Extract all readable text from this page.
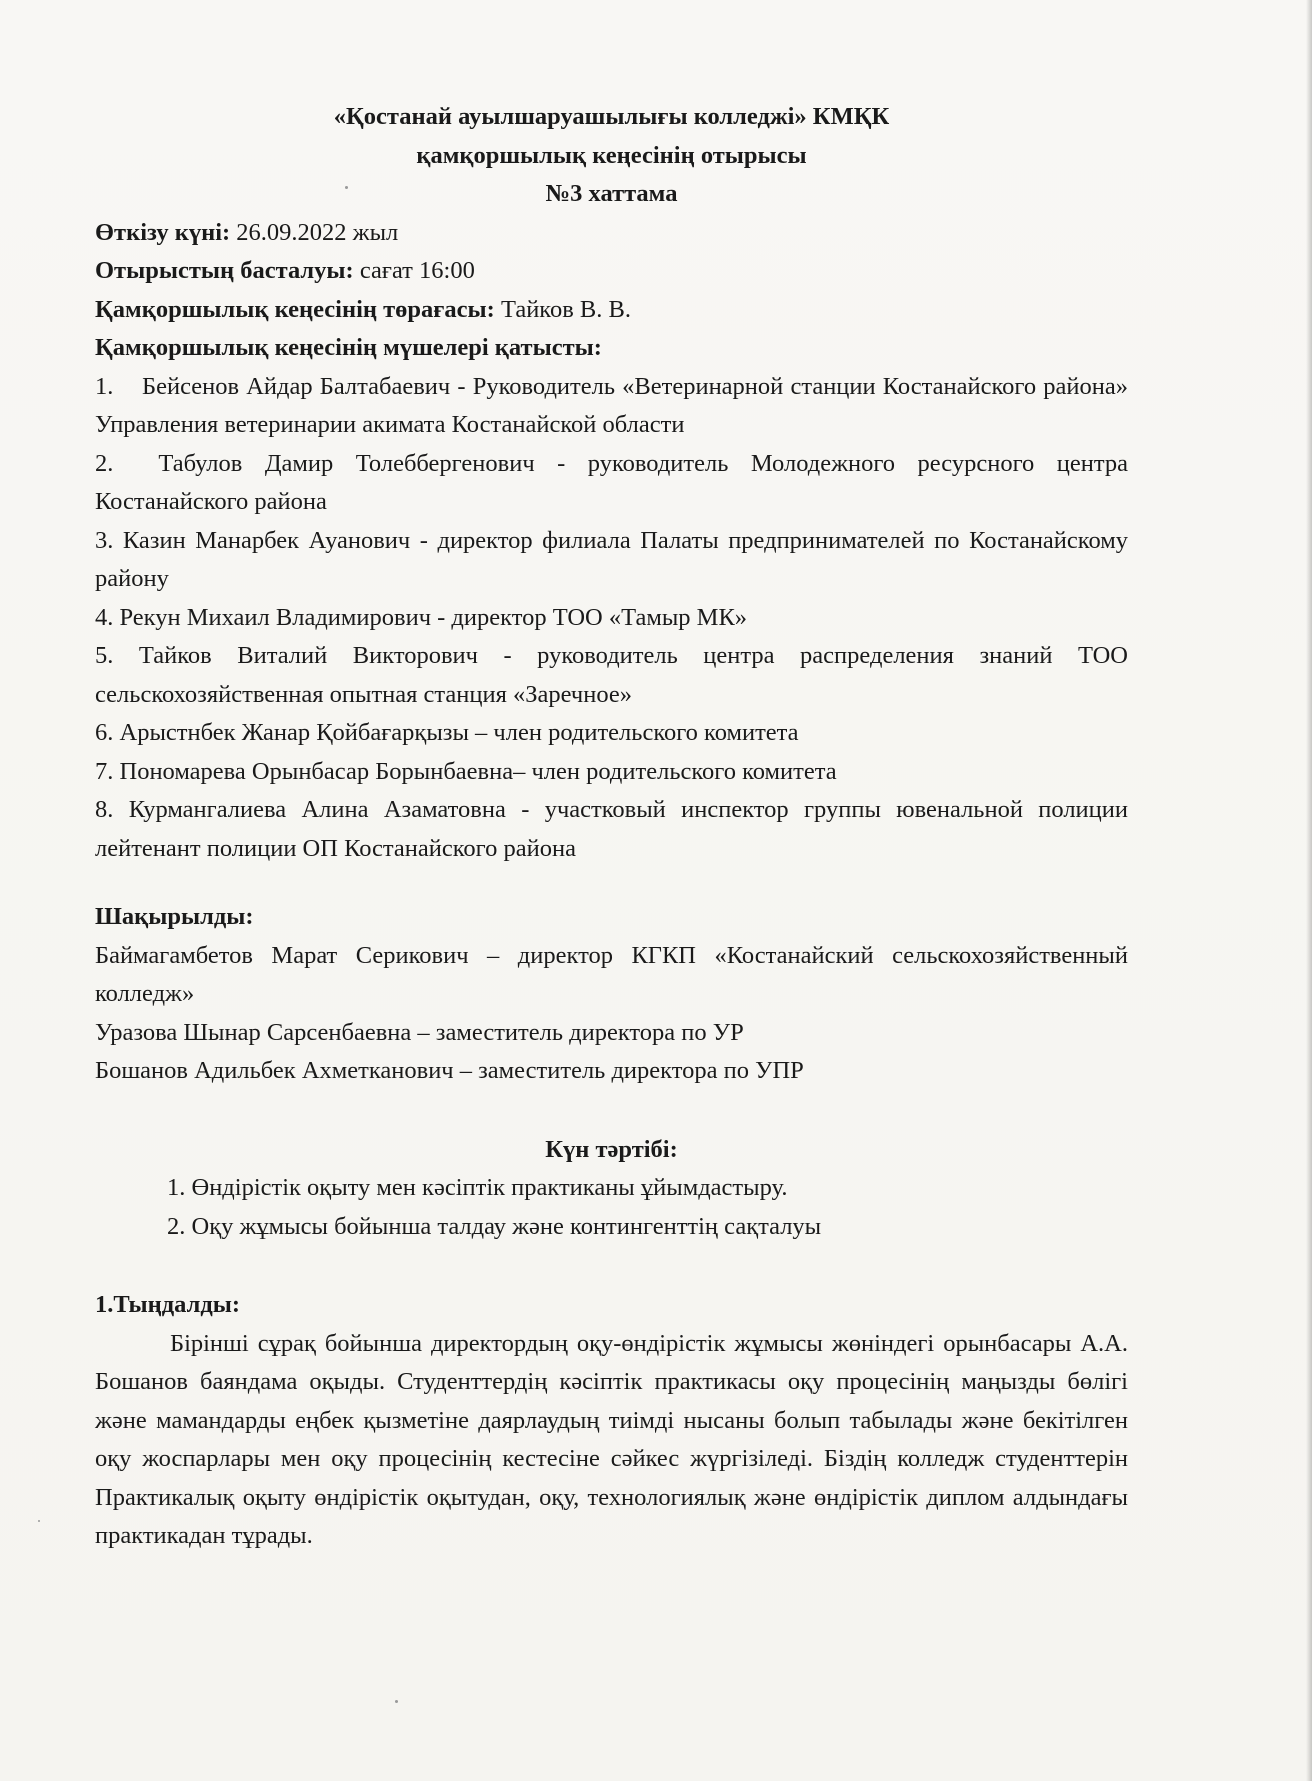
«Қостанай ауылшаруашылығы колледжі» КМҚК
қамқоршылық кеңесінің отырысы
№3 хаттама

Өткізу күні: 26.09.2022 жыл

Отырыстың басталуы: сағат 16:00

Қамқоршылық кеңесінің төрағасы: Тайков В. В.

Қамқоршылық кеңесінің мүшелері қатысты:

1.    Бейсенов Айдар Балтабаевич - Руководитель «Ветеринарной станции Костанайского района» Управления ветеринарии акимата Костанайской области

2.  Табулов Дамир Толеббергенович - руководитель Молодежного ресурсного центра Костанайского района

3. Казин Манарбек Ауанович - директор филиала Палаты предпринимателей по Костанайскому району

4. Рекун Михаил Владимирович - директор ТОО «Тамыр МК»

5. Тайков Виталий Викторович - руководитель центра распределения знаний ТОО сельскохозяйственная опытная станция «Заречное»

6. Арыстнбек Жанар Қойбағарқызы – член родительского комитета

7. Пономарева Орынбасар Борынбаевна– член родительского комитета

8. Курмангалиева Алина Азаматовна - участковый инспектор группы ювенальной полиции лейтенант полиции ОП Костанайского района

Шақырылды:

Баймагамбетов Марат Серикович – директор КГКП «Костанайский сельскохозяйственный колледж»

Уразова Шынар Сарсенбаевна – заместитель директора по УР

Бошанов Адильбек Ахметканович – заместитель директора по УПР

Күн тәртібі:

1. Өндірістік оқыту мен кәсіптік практиканы ұйымдастыру.
2. Оқу жұмысы бойынша талдау және контингенттің сақталуы

1.Тыңдалды:

Бірінші сұрақ бойынша директордың оқу-өндірістік жұмысы жөніндегі орынбасары А.А. Бошанов баяндама оқыды. Студенттердің кәсіптік практикасы оқу процесінің маңызды бөлігі және мамандарды еңбек қызметіне даярлаудың тиімді нысаны болып табылады және бекітілген оқу жоспарлары мен оқу процесінің кестесіне сәйкес жүргізіледі. Біздің колледж студенттерін Практикалық оқыту өндірістік оқытудан, оқу, технологиялық және өндірістік диплом алдындағы практикадан тұрады.
